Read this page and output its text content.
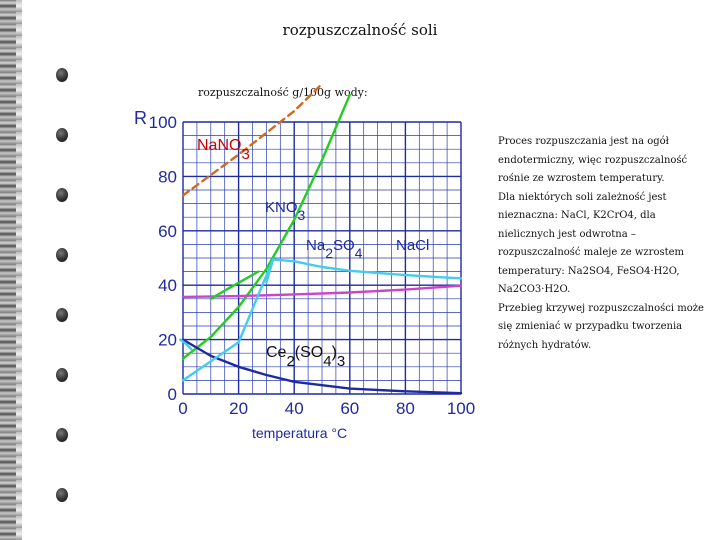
rozpuszczalność soli
rozpuszczalność g/100g wody:

Proces rozpuszczania jest na ogół endotermiczny, więc rozpuszczalność rośnie ze wzrostem temperatury.

Dla niektórych soli zależność jest nieznaczna: NaCl, K2CrO4, dla nielicznych jest odwrotna – rozpuszczalność maleje ze wzrostem temperatury: Na2SO4, FeSO4·H2O, Na2CO3·H2O.

Przebieg krzywej rozpuszczalności może się zmieniać w przypadku tworzenia różnych hydratów.

0 20 40 60 80 100
0
20
40
60
80
100
NaNO$_3$
$KNO_3$
$Na_2SO_4$ NaCl
$Ce_2(SO_4)_3$
R
temperatura °C
